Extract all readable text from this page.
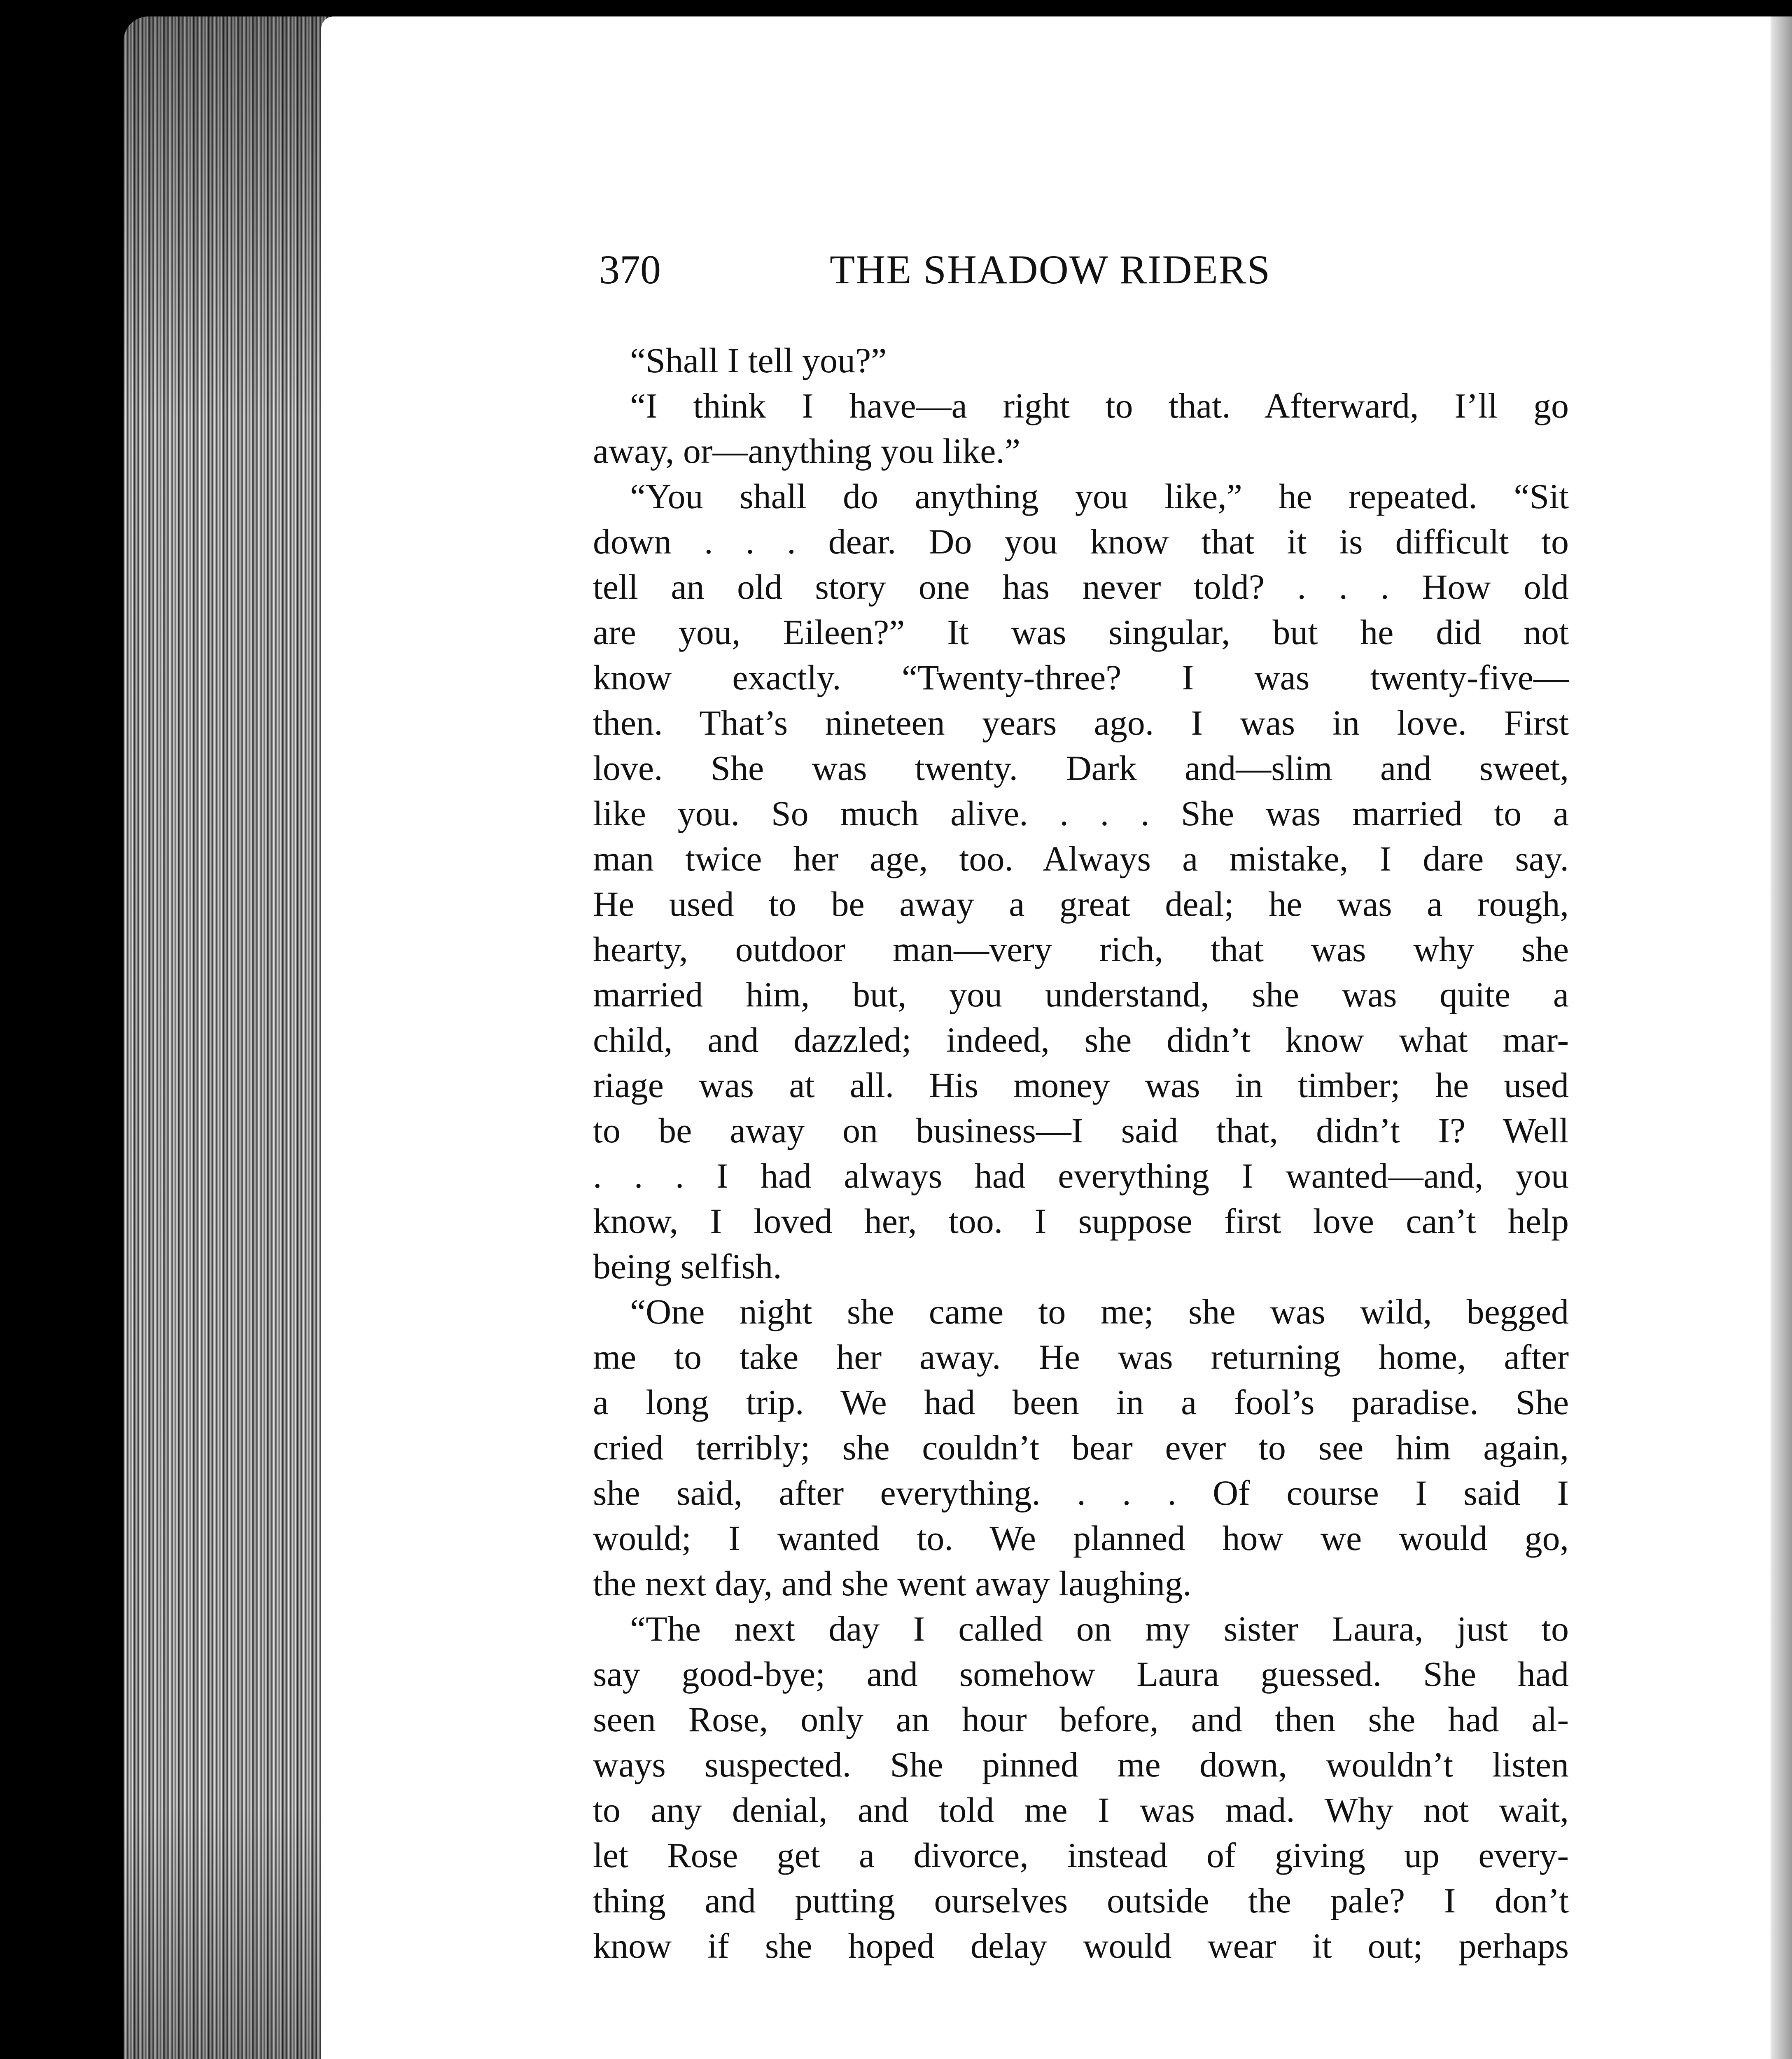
370	THE SHADOW RIDERS
“Shall I tell you?”
“I think I have—a right to that. Afterward, I’ll go
away, or—anything you like.”
“You shall do anything you like,” he repeated. “Sit
down . . . dear. Do you know that it is difficult to
tell an old story one has never told? . . . How old
are you, Eileen?” It was singular, but he did not
know exactly. “Twenty-three? I was twenty-five—
then. That’s nineteen years ago. I was in love. First
love. She was twenty. Dark and—slim and sweet,
like you. So much alive. . . . She was married to a
man twice her age, too. Always a mistake, I dare say.
He used to be away a great deal; he was a rough,
hearty, outdoor man—very rich, that was why she
married him, but, you understand, she was quite a
child, and dazzled; indeed, she didn’t know what mar-
riage was at all. His money was in timber; he used
to be away on business—I said that, didn’t I? Well
. . . I had always had everything I wanted—and, you
know, I loved her, too. I suppose first love can’t help
being selfish.
“One night she came to me; she was wild, begged
me to take her away. He was returning home, after
a long trip. We had been in a fool’s paradise. She
cried terribly; she couldn’t bear ever to see him again,
she said, after everything. . . . Of course I said I
would; I wanted to. We planned how we would go,
the next day, and she went away laughing.
“The next day I called on my sister Laura, just to
say good-bye; and somehow Laura guessed. She had
seen Rose, only an hour before, and then she had al-
ways suspected. She pinned me down, wouldn’t listen
to any denial, and told me I was mad. Why not wait,
let Rose get a divorce, instead of giving up every-
thing and putting ourselves outside the pale? I don’t
know if she hoped delay would wear it out; perhaps
